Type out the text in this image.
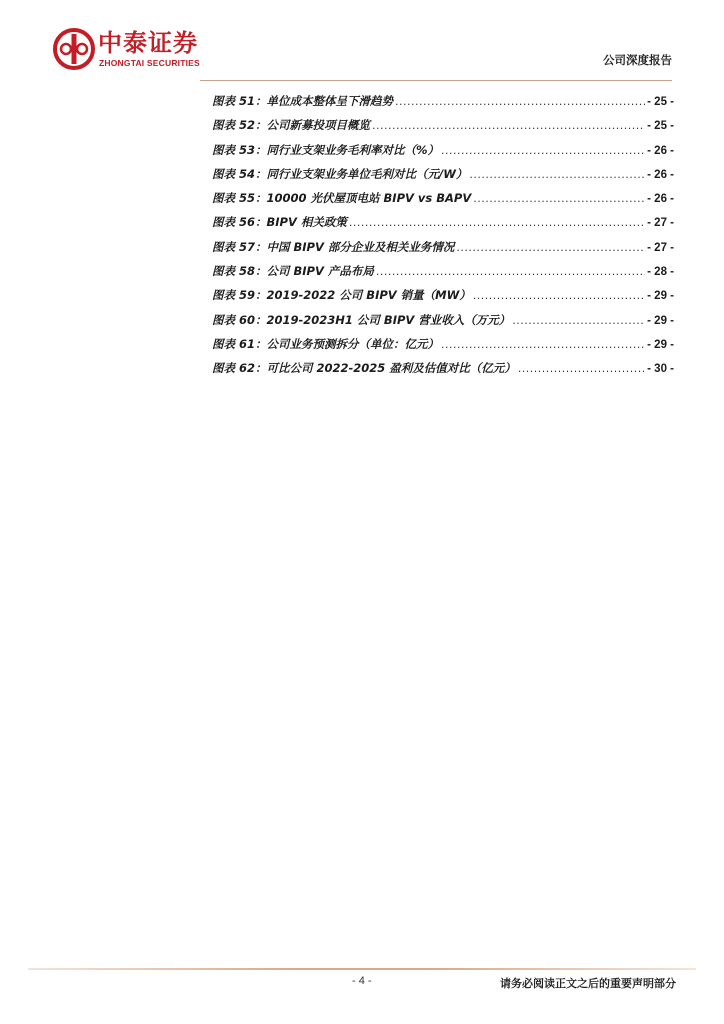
中泰证券
ZHONGTAI SECURITIES	公司深度报告
图表 51：单位成本整体呈下滑趋势 .....	- 25 -
图表 52：公司新募投项目概览 .....	- 25 -
图表 53：同行业支架业务毛利率对比（%） .....	- 26 -
图表 54：同行业支架业务单位毛利对比（元/W） .....	- 26 -
图表 55：10000 光伏屋顶电站 BIPV vs BAPV .....	- 26 -
图表 56：BIPV 相关政策 .....	- 27 -
图表 57：中国 BIPV 部分企业及相关业务情况 .....	- 27 -
图表 58：公司 BIPV 产品布局 .....	- 28 -
图表 59：2019-2022 公司 BIPV 销量（MW） .....	- 29 -
图表 60：2019-2023H1 公司 BIPV 营业收入（万元） .....	- 29 -
图表 61：公司业务预测拆分（单位：亿元） .....	- 29 -
图表 62：可比公司 2022-2025 盈利及估值对比（亿元） .....	- 30 -
- 4 -	请务必阅读正文之后的重要声明部分
